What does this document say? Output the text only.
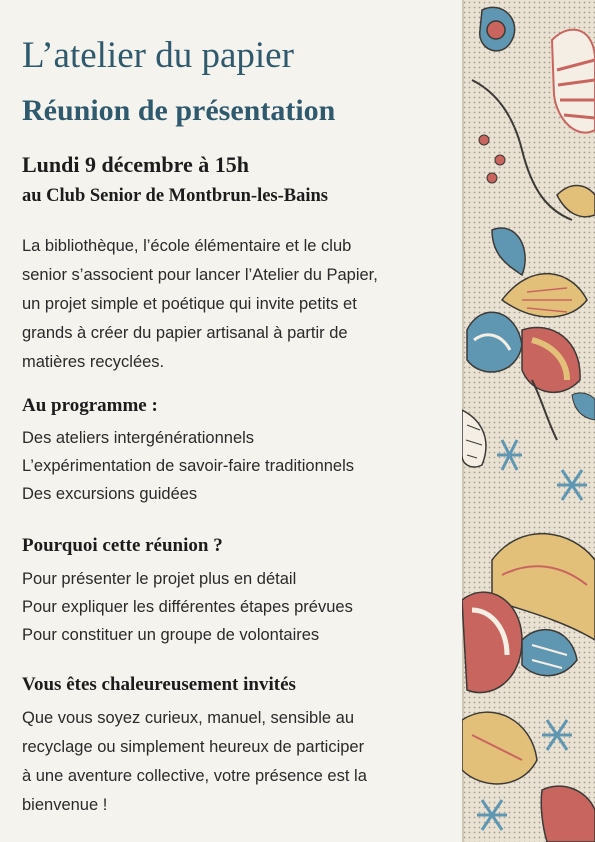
L’atelier du papier
Réunion de présentation
Lundi 9 décembre à 15h
au Club Senior de Montbrun-les-Bains
La bibliothèque, l’école élémentaire et le club
senior s’associent pour lancer l’Atelier du Papier,
un projet simple et poétique qui invite petits et
grands à créer du papier artisanal à partir de
matières recyclées.
Au programme :
Des ateliers intergénérationnels
L’expérimentation de savoir-faire traditionnels
Des excursions guidées
Pourquoi cette réunion ?
Pour présenter le projet plus en détail
Pour expliquer les différentes étapes prévues
Pour constituer un groupe de volontaires
Vous êtes chaleureusement invités
Que vous soyez curieux, manuel, sensible au
recyclage ou simplement heureux de participer
à une aventure collective, votre présence est la
bienvenue !
